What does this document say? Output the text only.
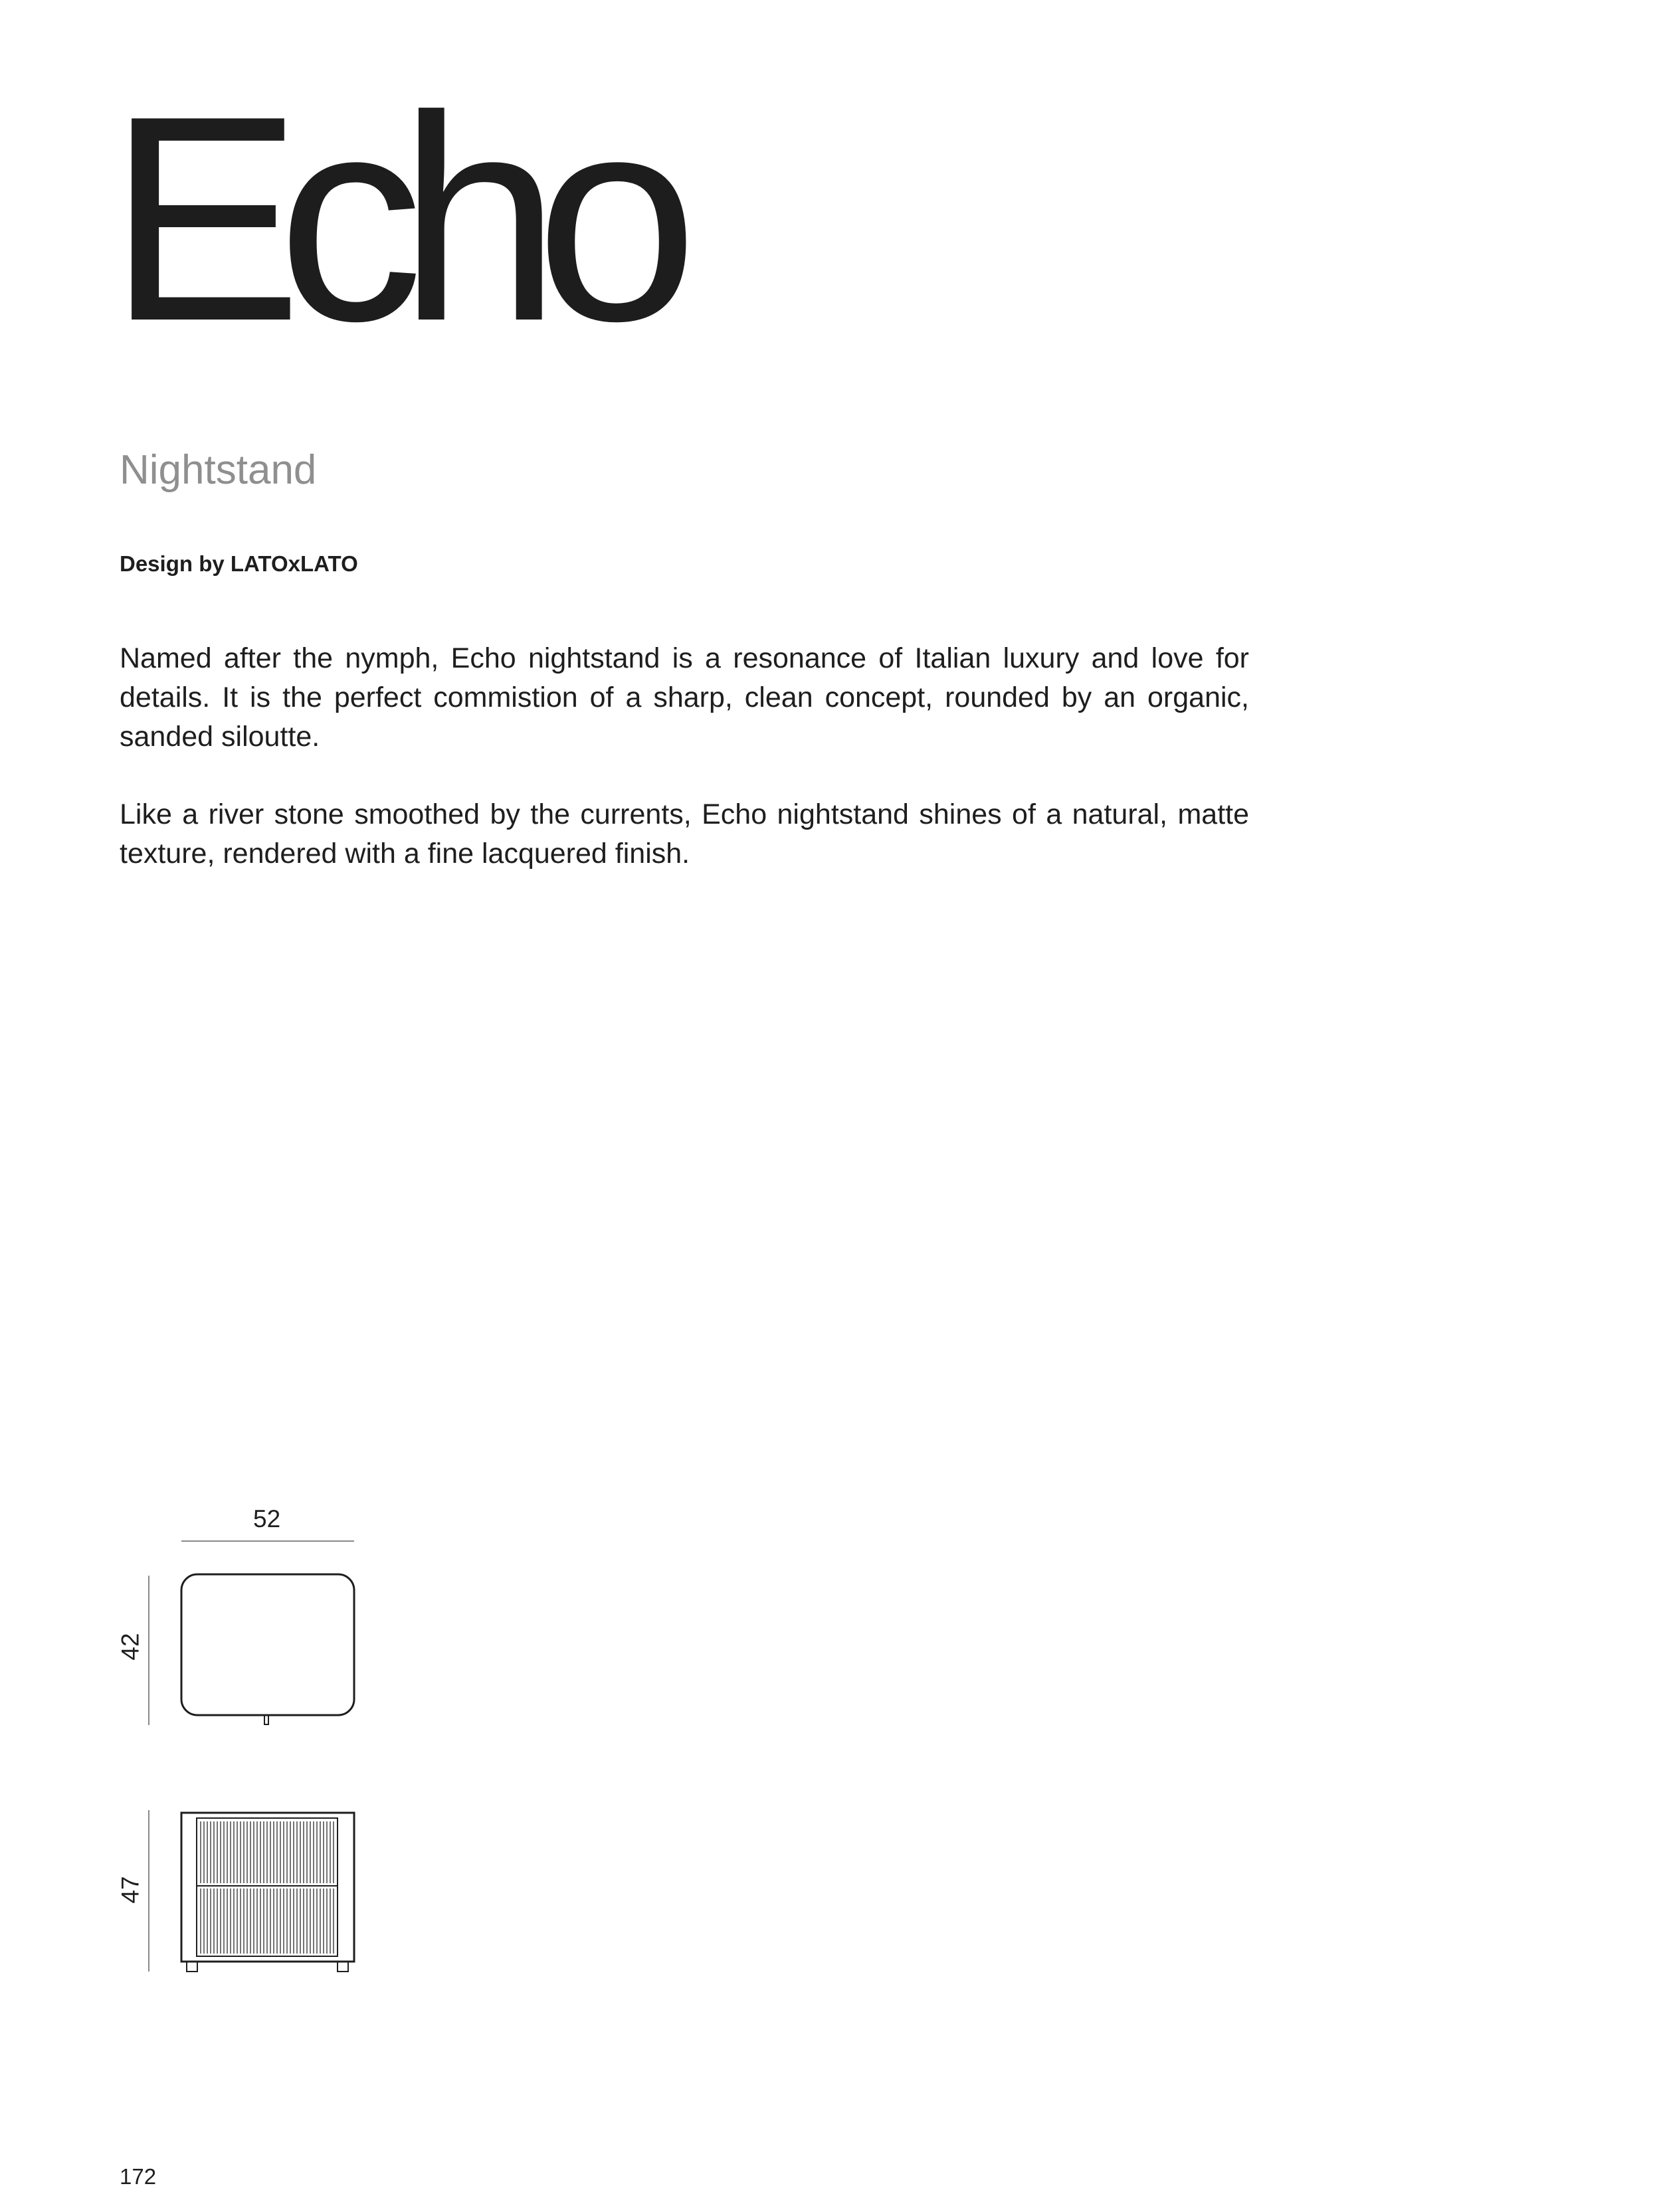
Echo
Nightstand
Design by LATOxLATO

Named after the nymph, Echo nightstand is a resonance of Italian luxury and love for details. It is the perfect commistion of a sharp, clean concept, rounded by an organic, sanded siloutte.

Like a river stone smoothed by the currents, Echo nightstand shines of a natural, matte texture, rendered with a fine lacquered finish.

52
42
47
172
